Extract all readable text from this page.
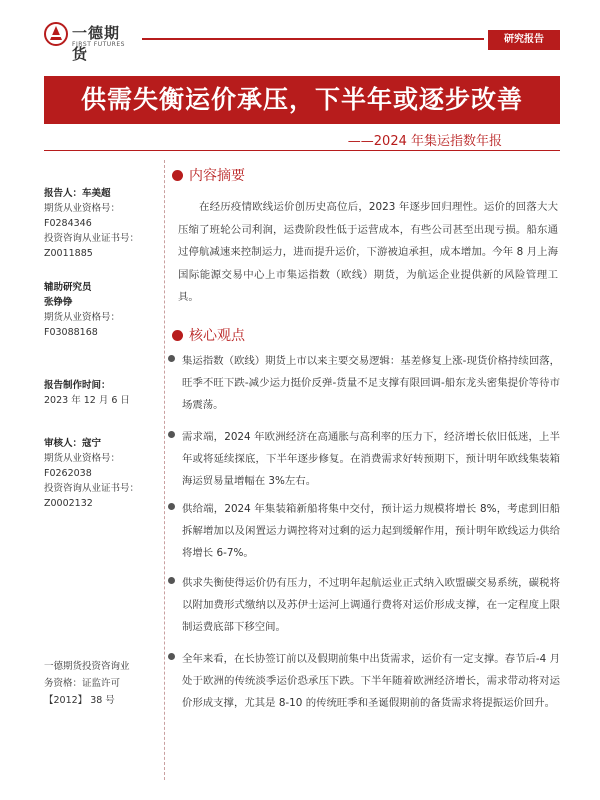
一德期货
FIRST FUTURES	研究报告
供需失衡运价承压，下半年或逐步改善
——2024 年集运指数年报
报告人：车美超
期货从业资格号：
F0284346
投资咨询从业证书号：
Z0011885
辅助研究员
张铮铮
期货从业资格号：
F03088168
报告制作时间：
2023 年 12 月 6 日
审核人：寇宁
期货从业资格号：
F0262038
投资咨询从业证书号：
Z0002132
一德期货投资咨询业
务资格：证监许可
【2012】 38 号
内容摘要
在经历疫情欧线运价创历史高位后，2023 年逐步回归理性。运价的回落大大压缩了班轮公司利润，运费阶段性低于运营成本，有些公司甚至出现亏损。船东通过停航减速来控制运力，进而提升运价，下游被迫承担，成本增加。今年 8 月上海国际能源交易中心上市集运指数（欧线）期货，为航运企业提供新的风险管理工具。
核心观点
集运指数（欧线）期货上市以来主要交易逻辑：基差修复上涨-现货价格持续回落，旺季不旺下跌-减少运力挺价反弹-货量不足支撑有限回调-船东龙头密集提价等待市场震荡。
需求端，2024 年欧洲经济在高通胀与高利率的压力下，经济增长依旧低迷，上半年或将延续探底，下半年逐步修复。在消费需求好转预期下，预计明年欧线集装箱海运贸易量增幅在 3%左右。
供给端，2024 年集装箱新船将集中交付，预计运力规模将增长 8%，考虑到旧船拆解增加以及闲置运力调控将对过剩的运力起到缓解作用，预计明年欧线运力供给将增长 6-7%。
供求失衡使得运价仍有压力，不过明年起航运业正式纳入欧盟碳交易系统，碳税将以附加费形式缴纳以及苏伊士运河上调通行费将对运价形成支撑，在一定程度上限制运费底部下移空间。
全年来看，在长协签订前以及假期前集中出货需求，运价有一定支撑。春节后-4 月处于欧洲的传统淡季运价恐承压下跌。下半年随着欧洲经济增长，需求带动将对运价形成支撑，尤其是 8-10 的传统旺季和圣诞假期前的备货需求将提振运价回升。
